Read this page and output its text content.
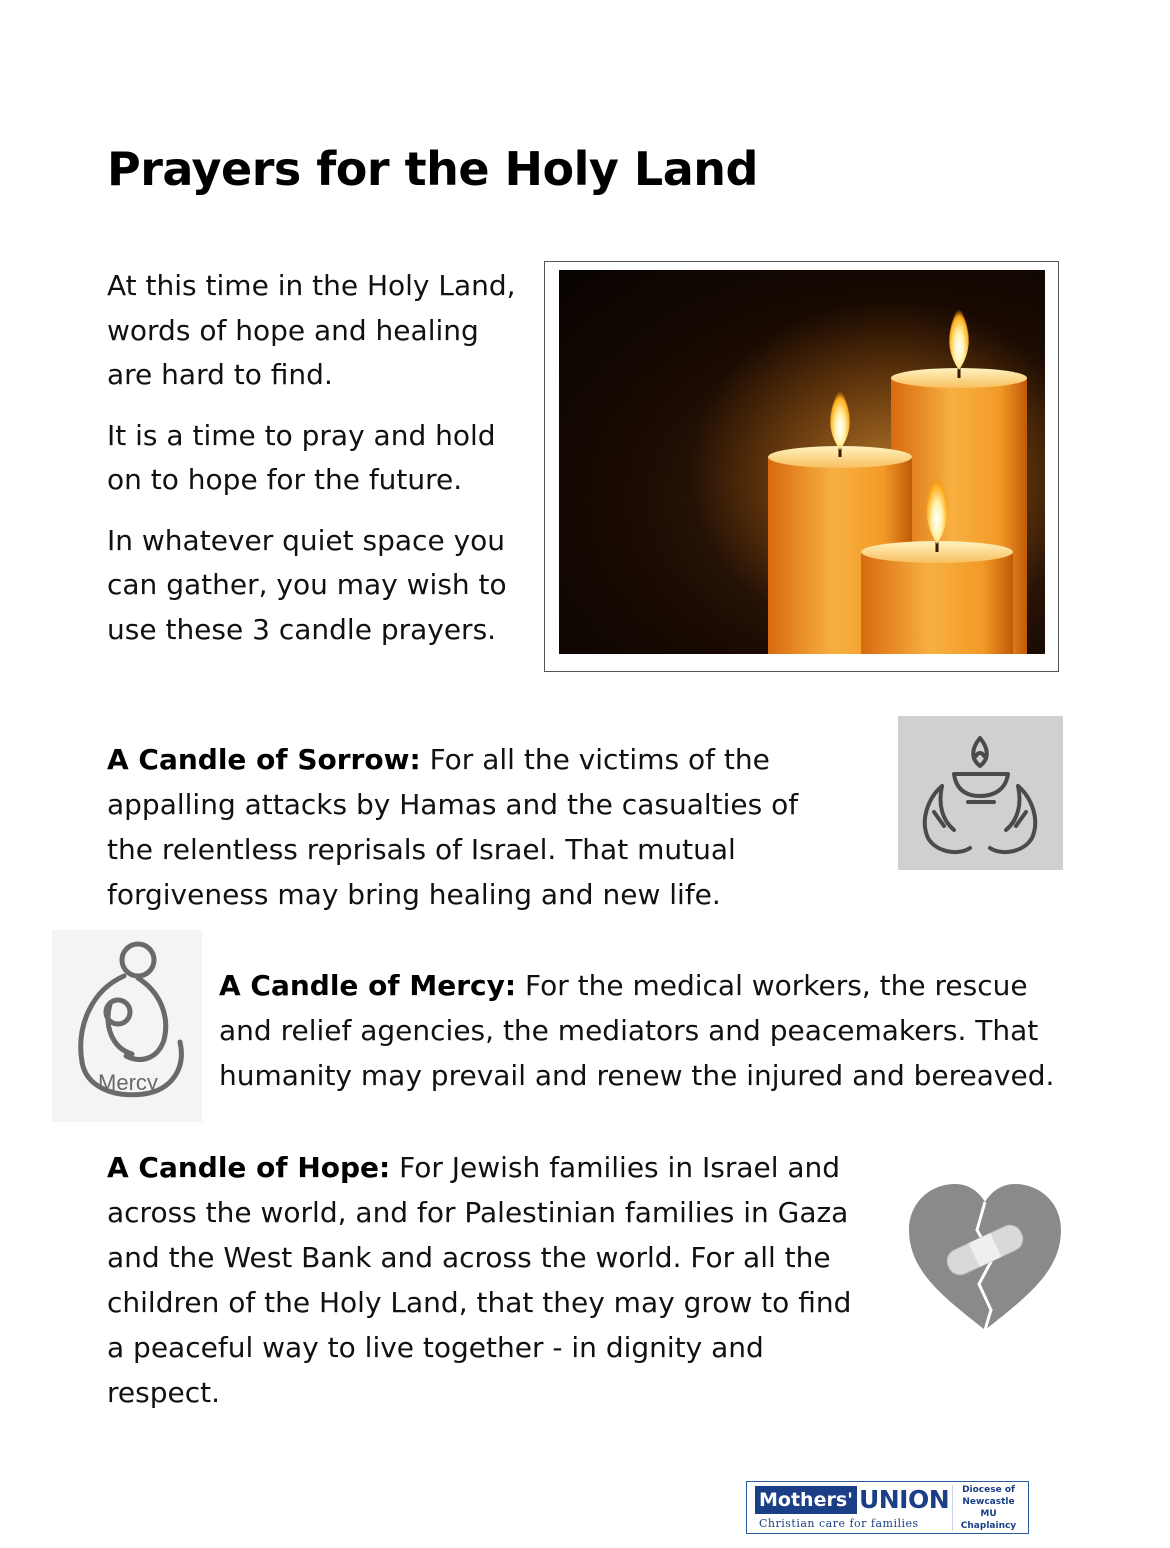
Prayers for the Holy Land

At this time in the Holy Land, words of hope and healing are hard to find.

It is a time to pray and hold on to hope for the future.

In whatever quiet space you can gather, you may wish to use these 3 candle prayers.

A Candle of Sorrow: For all the victims of the appalling attacks by Hamas and the casualties of the relentless reprisals of Israel. That mutual forgiveness may bring healing and new life.

Mercy

A Candle of Mercy: For the medical workers, the rescue and relief agencies, the mediators and peacemakers. That humanity may prevail and renew the injured and bereaved.

A Candle of Hope: For Jewish families in Israel and across the world, and for Palestinian families in Gaza and the West Bank and across the world. For all the children of the Holy Land, that they may grow to find a peaceful way to live together - in dignity and respect.

Mothers' UNION
Christian care for families
Diocese of
Newcastle
MU Chaplaincy
